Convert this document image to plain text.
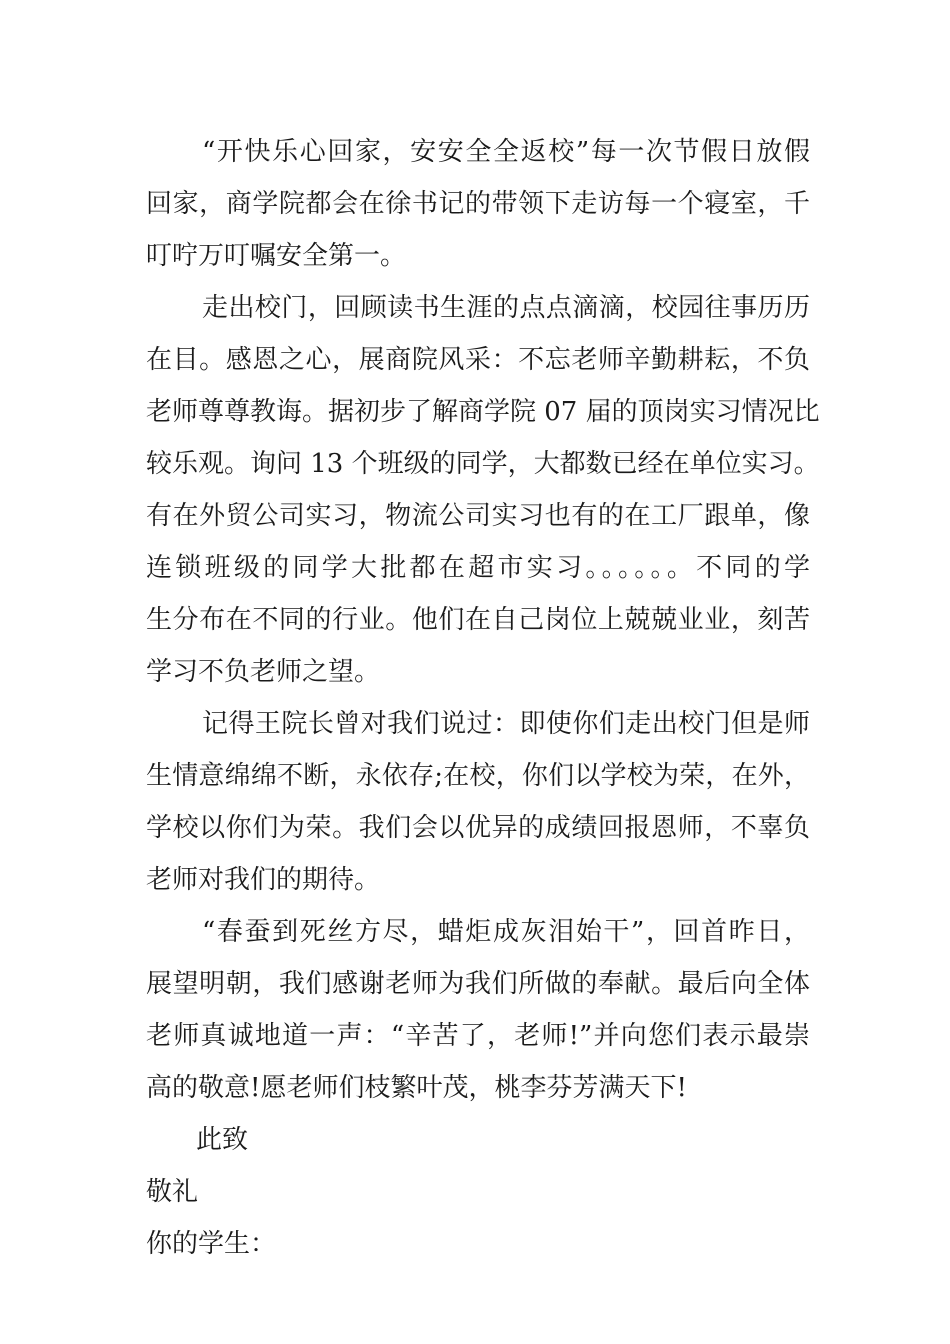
“开快乐心回家，安安全全返校”每一次节假日放假
回家，商学院都会在徐书记的带领下走访每一个寝室，千
叮咛万叮嘱安全第一。
走出校门，回顾读书生涯的点点滴滴，校园往事历历
在目。感恩之心，展商院风采：不忘老师辛勤耕耘，不负
老师尊尊教诲。据初步了解商学院 07 届的顶岗实习情况比
较乐观。询问 13 个班级的同学，大都数已经在单位实习。
有在外贸公司实习，物流公司实习也有的在工厂跟单，像
连锁班级的同学大批都在超市实习。。。。。。不同的学
生分布在不同的行业。他们在自己岗位上兢兢业业，刻苦
学习不负老师之望。
记得王院长曾对我们说过：即使你们走出校门但是师
生情意绵绵不断，永依存;在校，你们以学校为荣，在外，
学校以你们为荣。我们会以优异的成绩回报恩师，不辜负
老师对我们的期待。
“春蚕到死丝方尽，蜡炬成灰泪始干”，回首昨日，
展望明朝，我们感谢老师为我们所做的奉献。最后向全体
老师真诚地道一声：“辛苦了，老师!”并向您们表示最崇
高的敬意!愿老师们枝繁叶茂，桃李芬芳满天下!
此致
敬礼
你的学生：
